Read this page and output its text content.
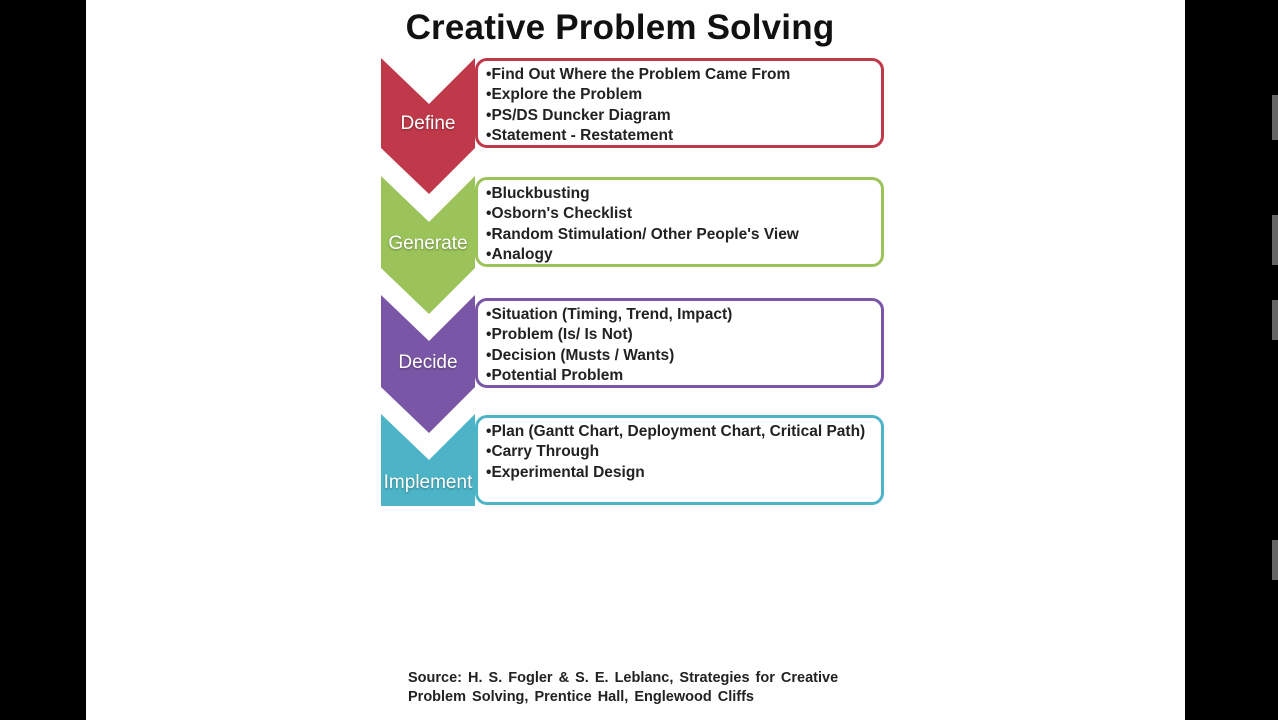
Creative Problem Solving
Define
Generate
Decide
Implement
• Find Out Where the Problem Came From
• Explore the Problem
• PS/DS Duncker Diagram
• Statement - Restatement
• Bluckbusting
• Osborn's Checklist
• Random Stimulation/ Other People's View
• Analogy
• Situation (Timing, Trend, Impact)
• Problem (Is/ Is Not)
• Decision (Musts / Wants)
• Potential Problem
• Plan (Gantt Chart, Deployment Chart, Critical Path)
• Carry Through
• Experimental Design
Source: H. S. Fogler & S. E. Leblanc, Strategies for Creative Problem Solving, Prentice Hall, Englewood Cliffs
